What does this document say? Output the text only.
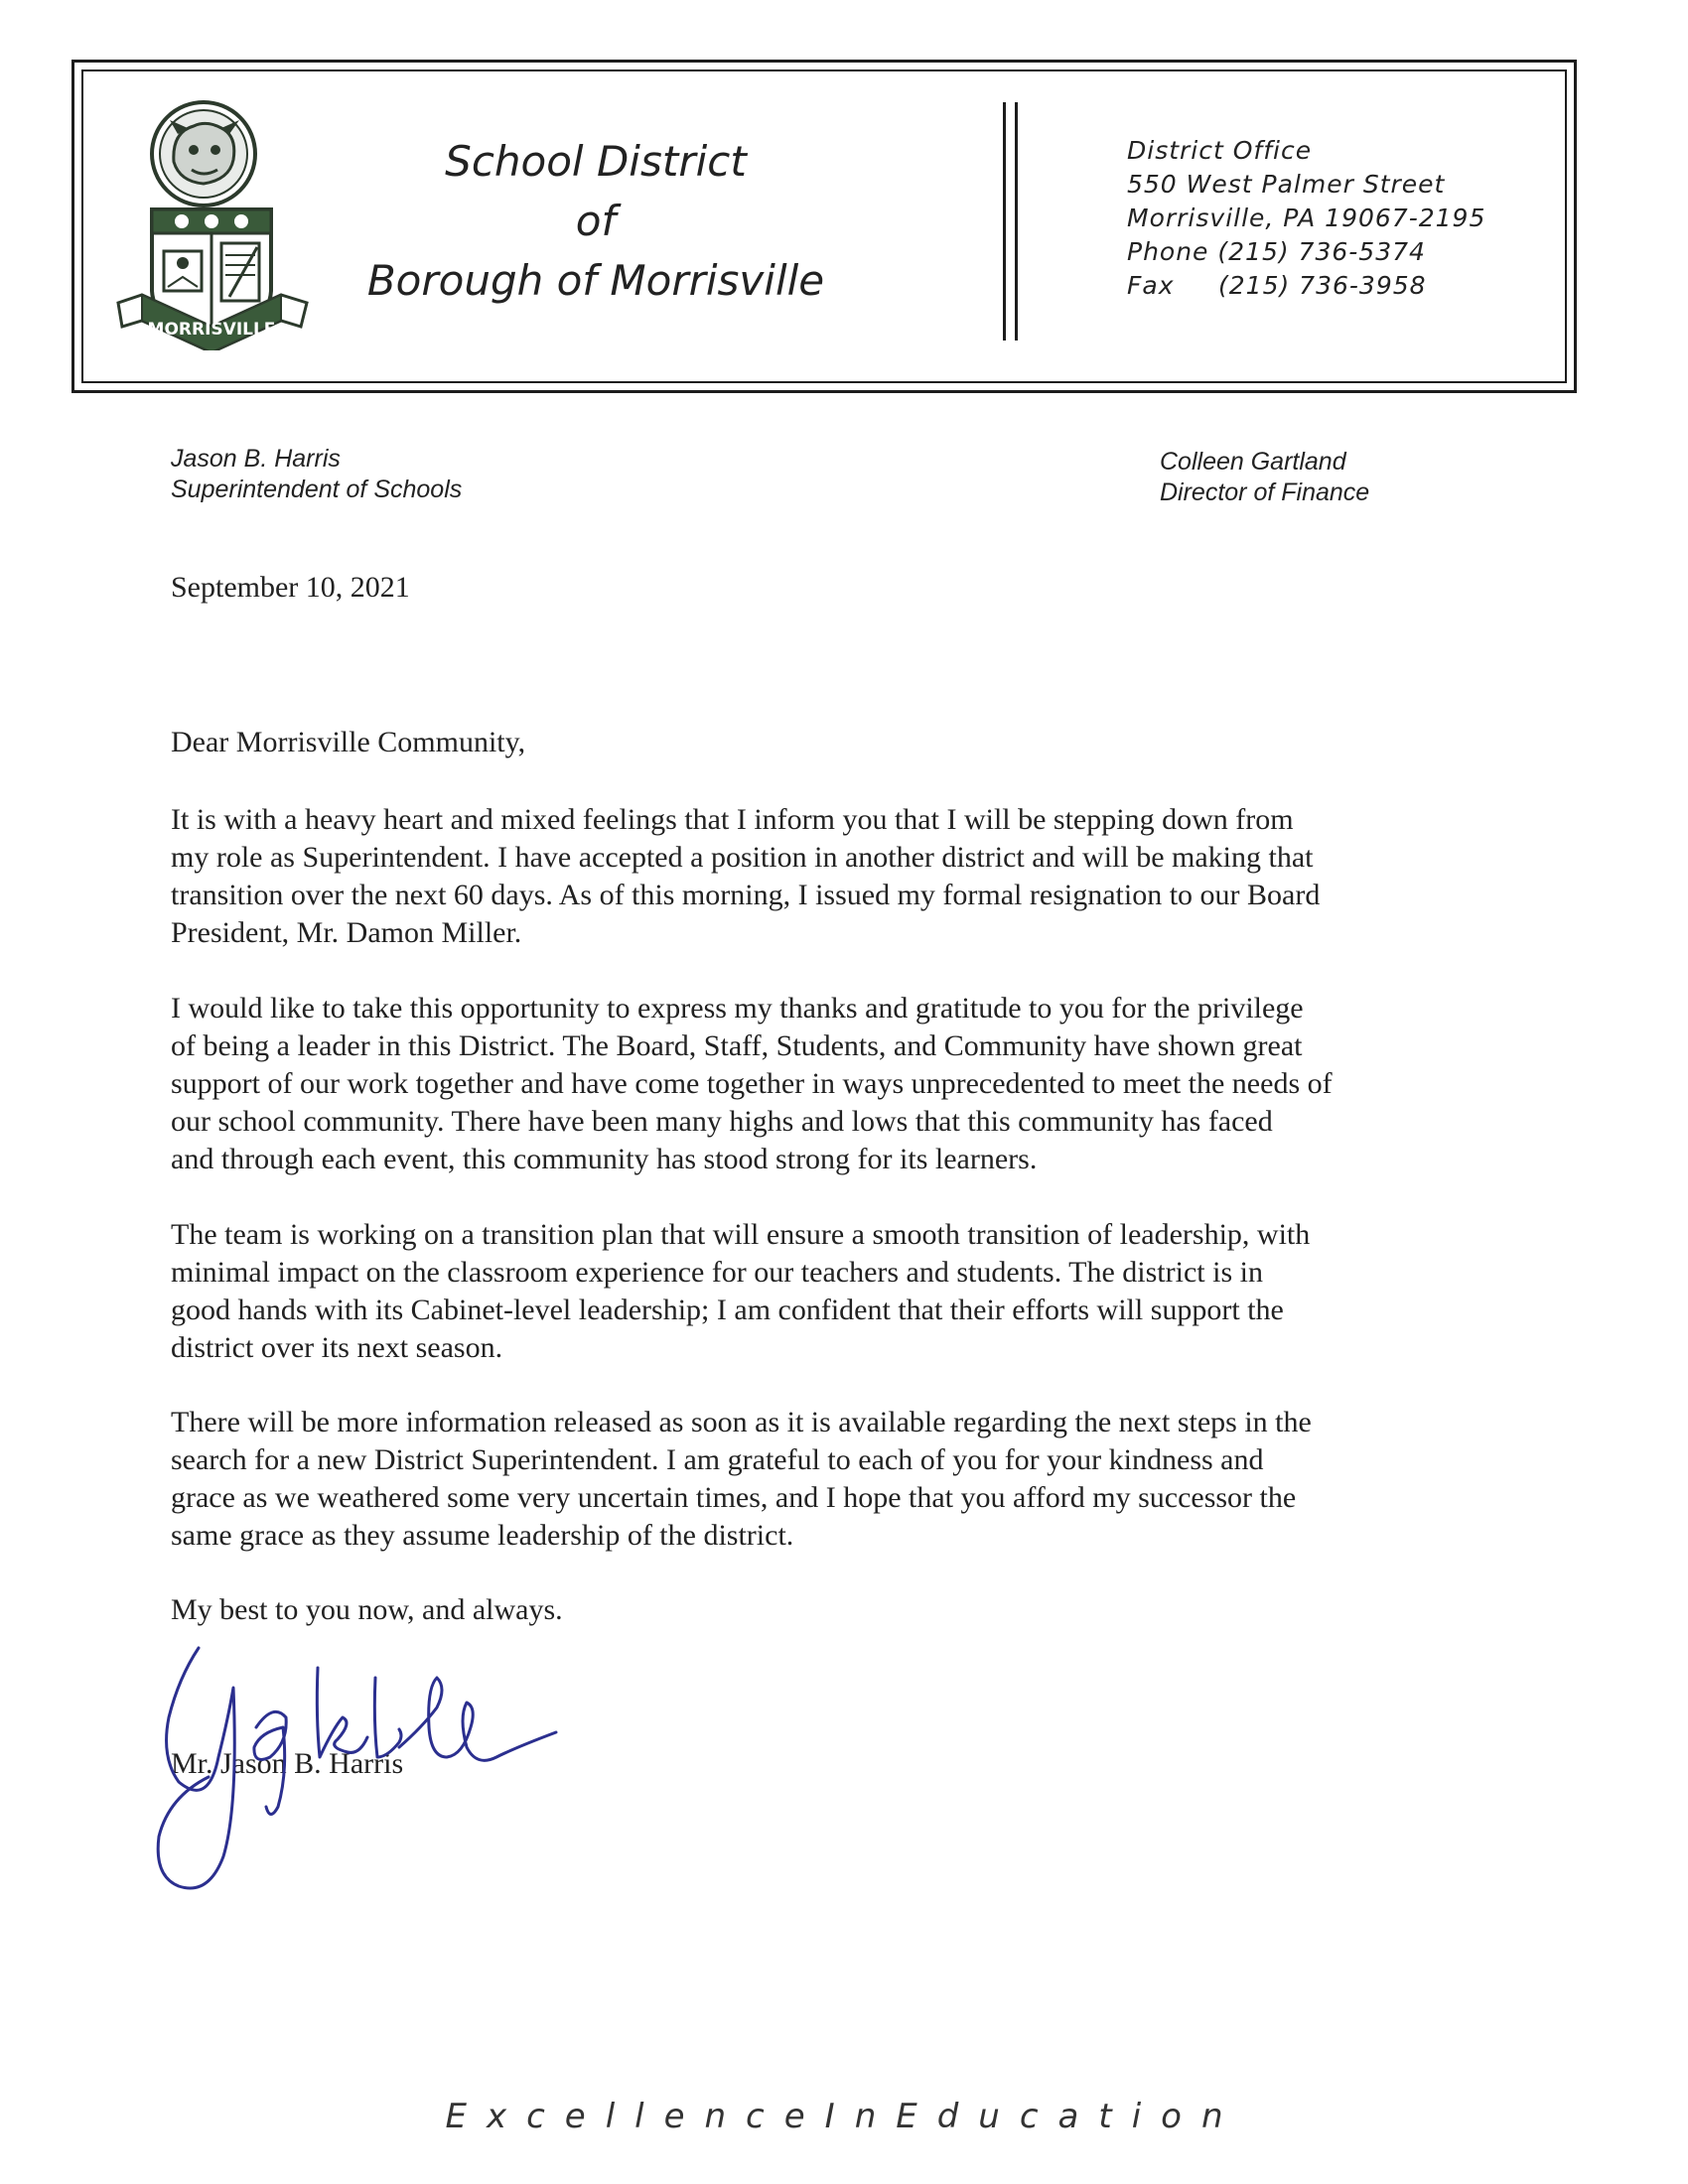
MORRISVILLE
School District
of
Borough of Morrisville
District Office
550 West Palmer Street
Morrisville, PA 19067-2195
Phone (215) 736-5374
Fax (215) 736-3958
Jason B. Harris
Superintendent of Schools
Colleen Gartland
Director of Finance
September 10, 2021
Dear Morrisville Community,
It is with a heavy heart and mixed feelings that I inform you that I will be stepping down from
my role as Superintendent. I have accepted a position in another district and will be making that
transition over the next 60 days. As of this morning, I issued my formal resignation to our Board
President, Mr. Damon Miller.
I would like to take this opportunity to express my thanks and gratitude to you for the privilege
of being a leader in this District. The Board, Staff, Students, and Community have shown great
support of our work together and have come together in ways unprecedented to meet the needs of
our school community. There have been many highs and lows that this community has faced
and through each event, this community has stood strong for its learners.
The team is working on a transition plan that will ensure a smooth transition of leadership, with
minimal impact on the classroom experience for our teachers and students. The district is in
good hands with its Cabinet-level leadership; I am confident that their efforts will support the
district over its next season.
There will be more information released as soon as it is available regarding the next steps in the
search for a new District Superintendent. I am grateful to each of you for your kindness and
grace as we weathered some very uncertain times, and I hope that you afford my successor the
same grace as they assume leadership of the district.
My best to you now, and always.
Mr. Jason B. Harris
ExcellenceInEducation
